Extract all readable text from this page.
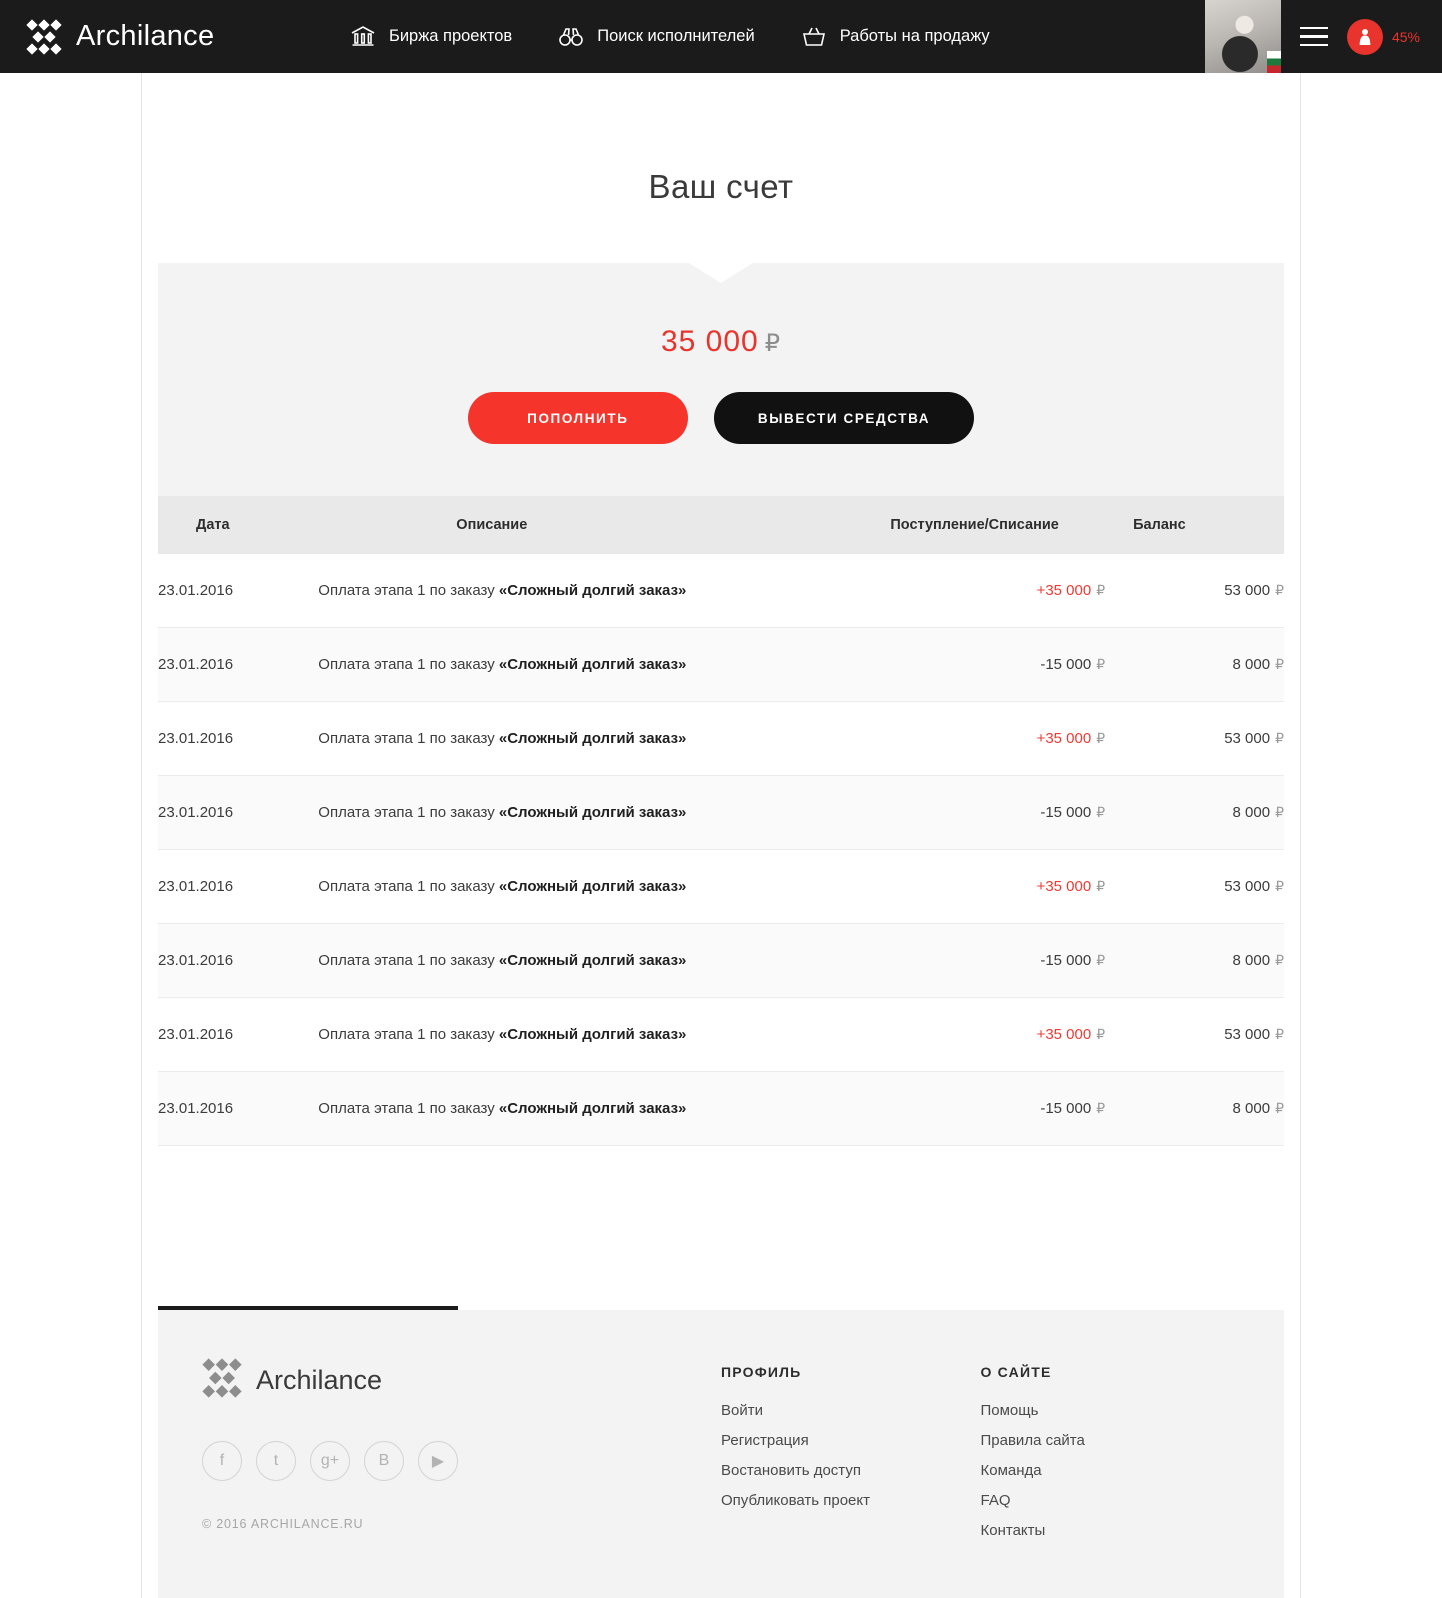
Archilance	Биржа проектов	Поиск исполнителей	Работы на продажу	45%
Ваш счет
35 000 ₽
ПОПОЛНИТЬ	ВЫВЕСТИ СРЕДСТВА
Дата	Описание	Поступление/Списание	Баланс
23.01.2016	Оплата этапа 1 по заказу «Сложный долгий заказ»	+35 000 ₽	53 000 ₽
23.01.2016	Оплата этапа 1 по заказу «Сложный долгий заказ»	-15 000 ₽	8 000 ₽
23.01.2016	Оплата этапа 1 по заказу «Сложный долгий заказ»	+35 000 ₽	53 000 ₽
23.01.2016	Оплата этапа 1 по заказу «Сложный долгий заказ»	-15 000 ₽	8 000 ₽
23.01.2016	Оплата этапа 1 по заказу «Сложный долгий заказ»	+35 000 ₽	53 000 ₽
23.01.2016	Оплата этапа 1 по заказу «Сложный долгий заказ»	-15 000 ₽	8 000 ₽
23.01.2016	Оплата этапа 1 по заказу «Сложный долгий заказ»	+35 000 ₽	53 000 ₽
23.01.2016	Оплата этапа 1 по заказу «Сложный долгий заказ»	-15 000 ₽	8 000 ₽
Archilance
f	t	g+	B	▶
© 2016 ARCHILANCE.RU
ПРОФИЛЬ
Войти
Регистрация
Востановить доступ
Опубликовать проект
О САЙТЕ
Помощь
Правила сайта
Команда
FAQ
Контакты
